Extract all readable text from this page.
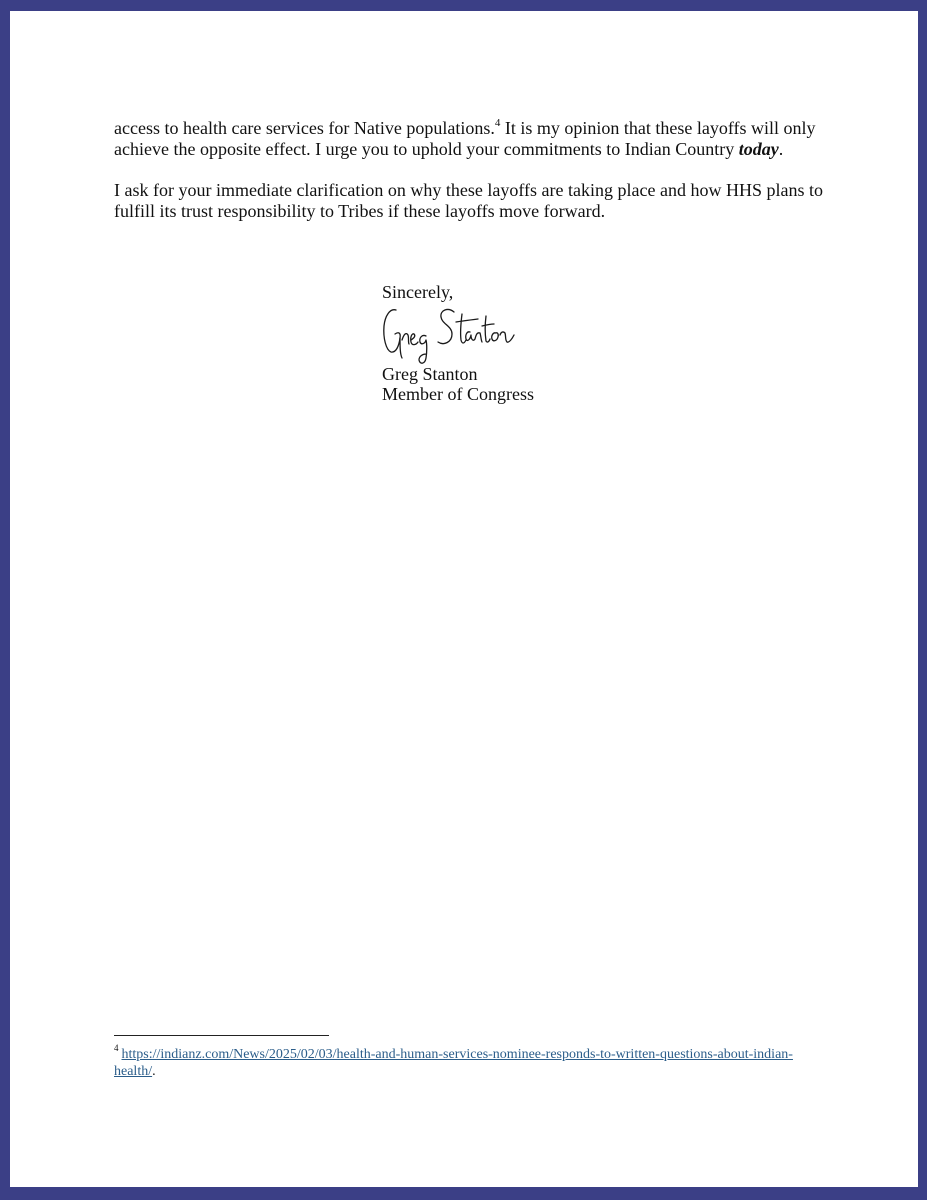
access to health care services for Native populations.$^4$ It is my opinion that these layoffs will only achieve the opposite effect. I urge you to uphold your commitments to Indian Country today.
I ask for your immediate clarification on why these layoffs are taking place and how HHS plans to fulfill its trust responsibility to Tribes if these layoffs move forward.
Sincerely,
Greg Stanton
Member of Congress
$^4$ https://indianz.com/News/2025/02/03/health-and-human-services-nominee-responds-to-written-questions-about-indian-health/.
